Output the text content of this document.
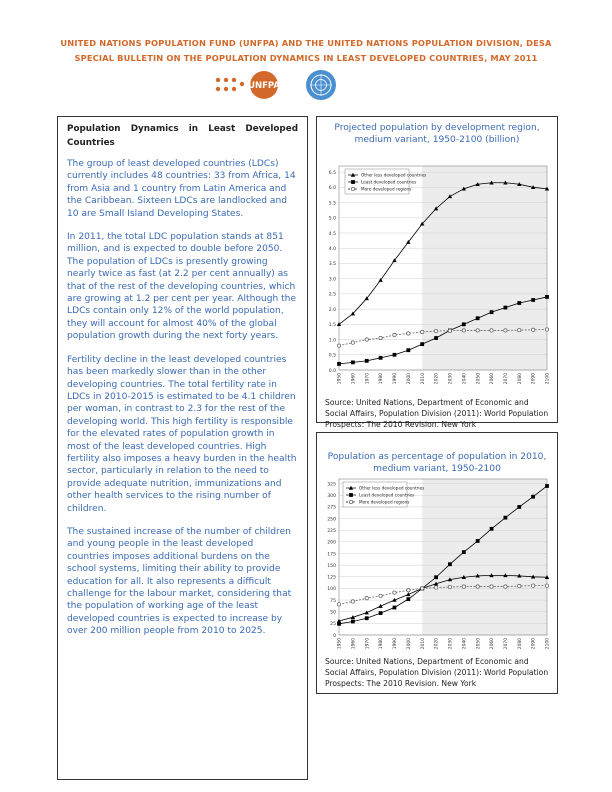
UNITED NATIONS POPULATION FUND (UNFPA) AND THE UNITED NATIONS POPULATION DIVISION, DESA
SPECIAL BULLETIN ON THE POPULATION DYNAMICS IN LEAST DEVELOPED COUNTRIES, MAY 2011
UNFPA

Population Dynamics in Least Developed Countries

The group of least developed countries (LDCs) currently includes 48 countries: 33 from Africa, 14 from Asia and 1 country from Latin America and the Caribbean. Sixteen LDCs are landlocked and 10 are Small Island Developing States.

In 2011, the total LDC population stands at 851 million, and is expected to double before 2050. The population of LDCs is presently growing nearly twice as fast (at 2.2 per cent annually) as that of the rest of the developing countries, which are growing at 1.2 per cent per year. Although the LDCs contain only 12% of the world population, they will account for almost 40% of the global population growth during the next forty years.

Fertility decline in the least developed countries has been markedly slower than in the other developing countries. The total fertility rate in LDCs in 2010-2015 is estimated to be 4.1 children per woman, in contrast to 2.3 for the rest of the developing world. This high fertility is responsible for the elevated rates of population growth in most of the least developed countries. High fertility also imposes a heavy burden in the health sector, particularly in relation to the need to provide adequate nutrition, immunizations and other health services to the rising number of children.

The sustained increase of the number of children and young people in the least developed countries imposes additional burdens on the school systems, limiting their ability to provide education for all. It also represents a difficult challenge for the labour market, considering that the population of working age of the least developed countries is expected to increase by over 200 million people from 2010 to 2025.

Projected population by development region, medium variant, 1950-2100 (billion)
0.0
0.5
1.0
1.5
2.0
2.5
3.0
3.5
4.0
4.5
5.0
5.5
6.0
6.5
1950 1960 1970 1980 1990 2000 2010 2020 2030 2040 2050 2060 2070 2080 2090 2100
Other less developed countries
Least developed countries
More developed regions
Source: United Nations, Department of Economic and Social Affairs, Population Division (2011): World Population Prospects: The 2010 Revision. New York
Population as percentage of population in 2010, medium variant, 1950-2100
0
25
50
75
100
125
150
175
200
225
250
275
300
325
1950 1960 1970 1980 1990 2000 2010 2020 2030 2040 2050 2060 2070 2080 2090 2100
Other less developed countries
Least developed countries
More developed regions
Source: United Nations, Department of Economic and Social Affairs, Population Division (2011): World Population Prospects: The 2010 Revision. New York
